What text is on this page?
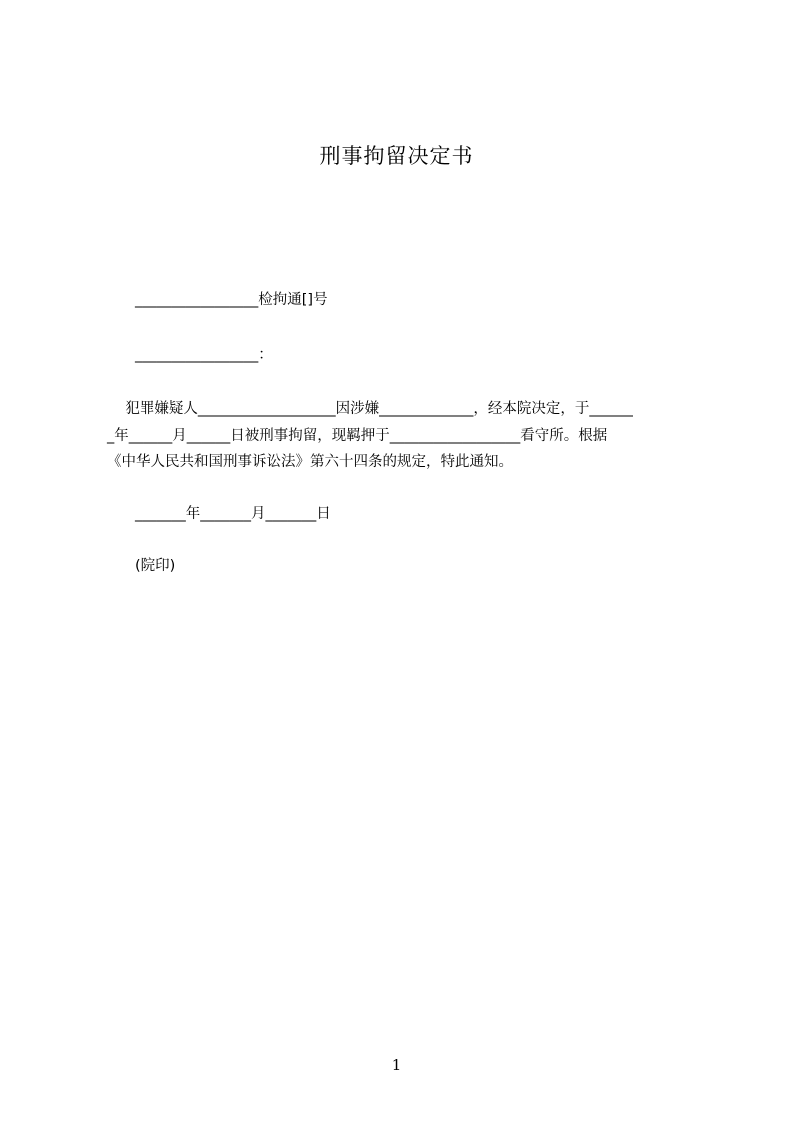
刑事拘留决定书
_________________检拘通[]号
_________________：
犯罪嫌疑人___________________因涉嫌_____________，经本院决定，于______
_年______月______日被刑事拘留，现羁押于__________________看守所。根据
《中华人民共和国刑事诉讼法》第六十四条的规定，特此通知。
_______年_______月_______日
(院印)
1
